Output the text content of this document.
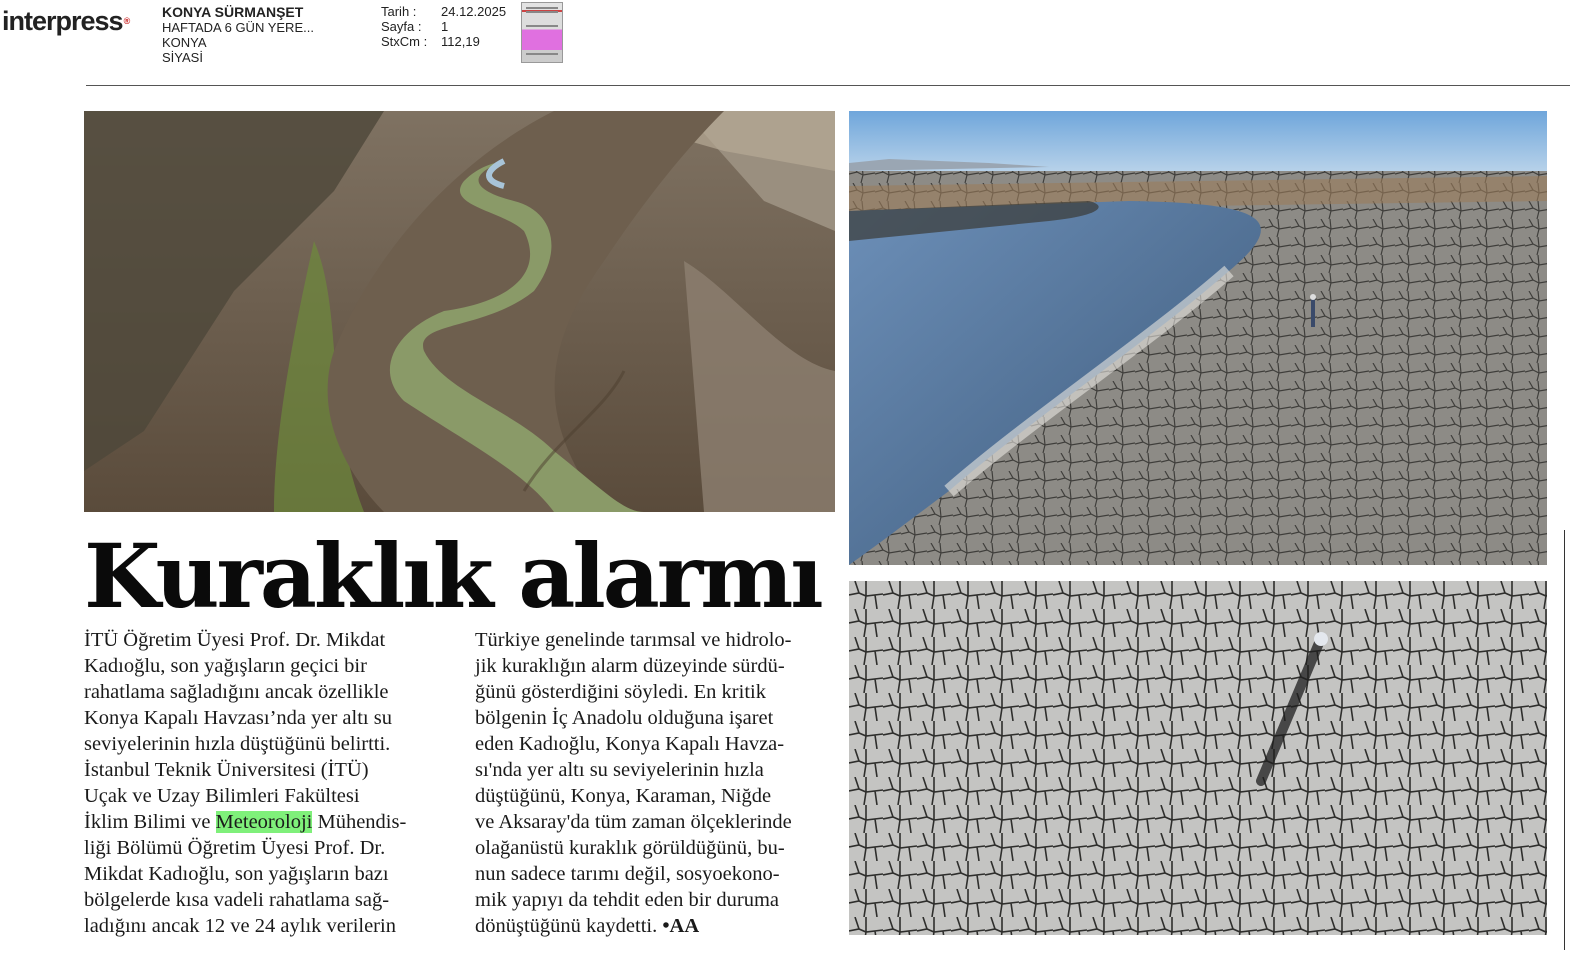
interpress®
KONYA SÜRMANŞET
HAFTADA 6 GÜN YERE...
KONYA
SİYASİ
Tarih :	24.12.2025
Sayfa :	1
StxCm :	112,19
Kuraklık alarmı
İTÜ Öğretim Üyesi Prof. Dr. Mikdat
Kadıoğlu, son yağışların geçici bir
rahatlama sağladığını ancak özellikle
Konya Kapalı Havzası’nda yer altı su
seviyelerinin hızla düştüğünü belirtti.
İstanbul Teknik Üniversitesi (İTÜ)
Uçak ve Uzay Bilimleri Fakültesi
İklim Bilimi ve Meteoroloji Mühendis-
liği Bölümü Öğretim Üyesi Prof. Dr.
Mikdat Kadıoğlu, son yağışların bazı
bölgelerde kısa vadeli rahatlama sağ-
ladığını ancak 12 ve 24 aylık verilerin
Türkiye genelinde tarımsal ve hidrolo-
jik kuraklığın alarm düzeyinde sürdü-
ğünü gösterdiğini söyledi. En kritik
bölgenin İç Anadolu olduğuna işaret
eden Kadıoğlu, Konya Kapalı Havza-
sı'nda yer altı su seviyelerinin hızla
düştüğünü, Konya, Karaman, Niğde
ve Aksaray'da tüm zaman ölçeklerinde
olağanüstü kuraklık görüldüğünü, bu-
nun sadece tarımı değil, sosyoekono-
mik yapıyı da tehdit eden bir duruma
dönüştüğünü kaydetti. •AA
